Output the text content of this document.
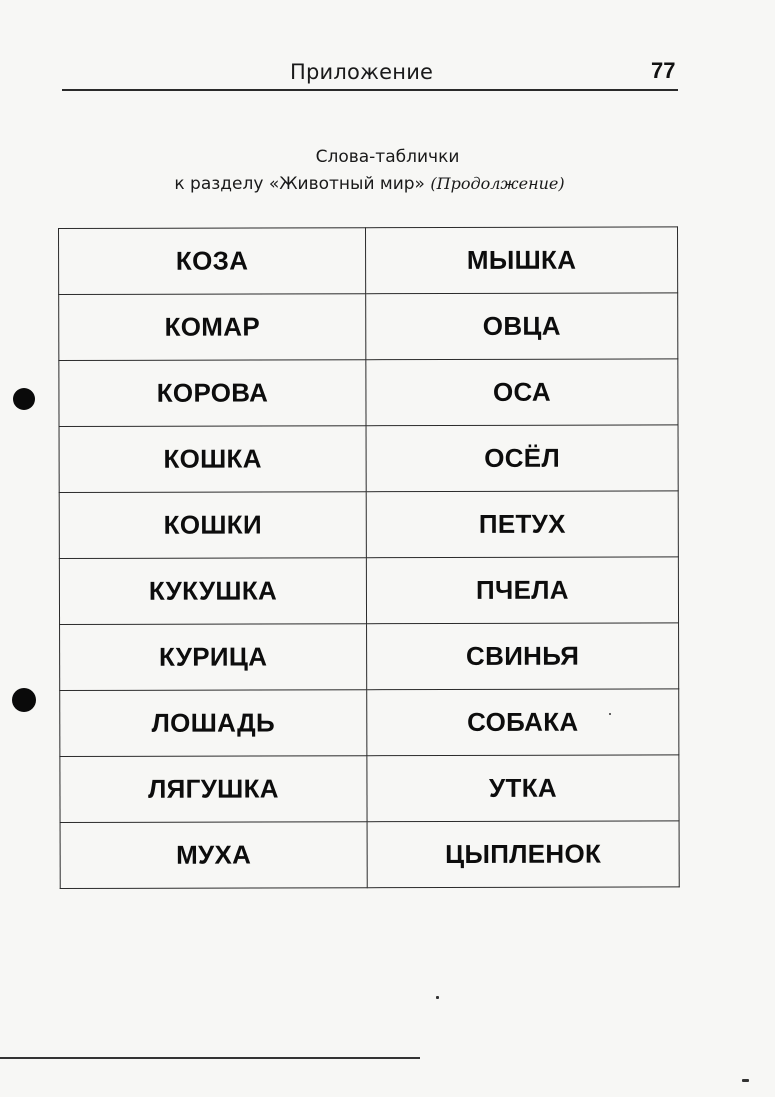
Приложение	77
Слова-таблички
к разделу «Животный мир» (Продолжение)
КОЗА	МЫШКА
КОМАР	ОВЦА
КОРОВА	ОСА
КОШКА	ОСЁЛ
КОШКИ	ПЕТУХ
КУКУШКА	ПЧЕЛА
КУРИЦА	СВИНЬЯ
ЛОШАДЬ	СОБАКА
ЛЯГУШКА	УТКА
МУХА	ЦЫПЛЕНОК
